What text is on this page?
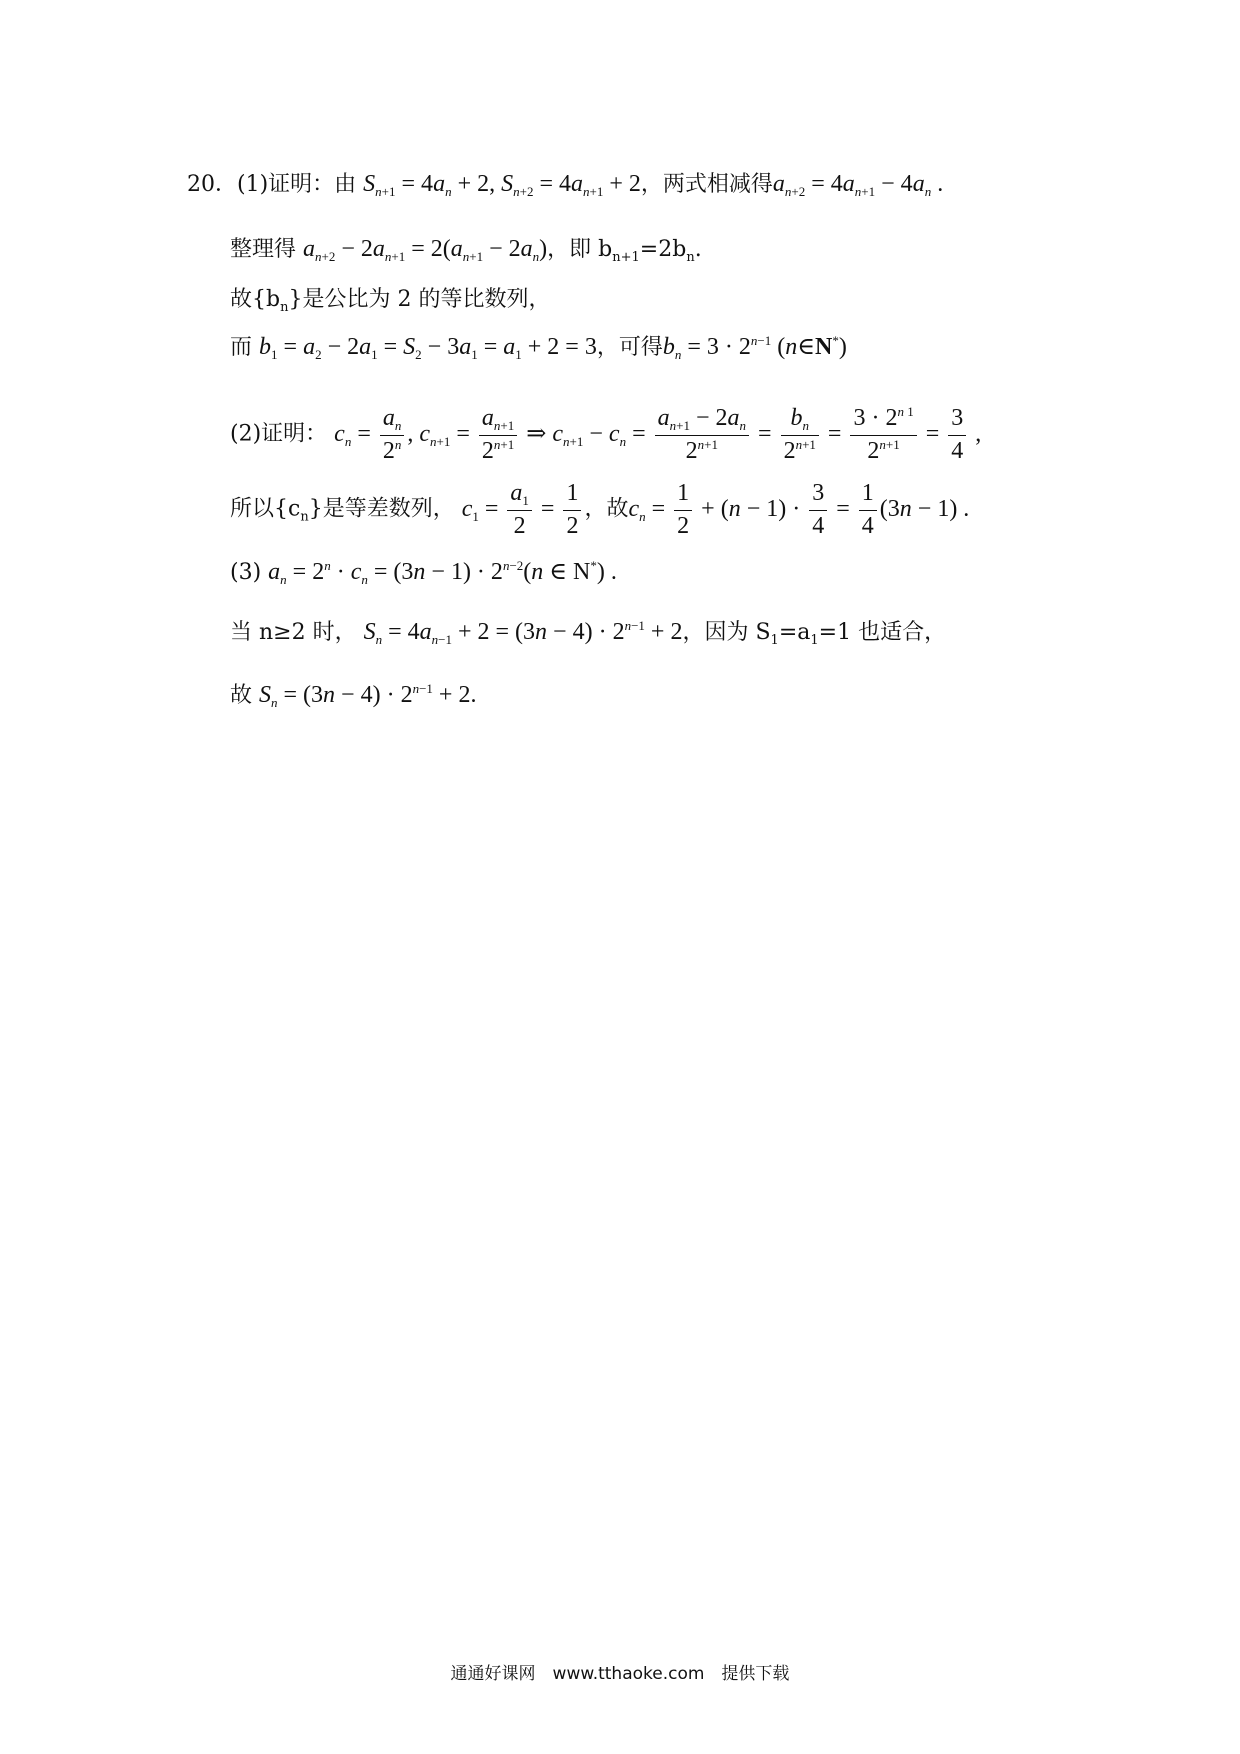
20．(1)证明：由 $S_{n+1} = 4a_n + 2$, $S_{n+2} = 4a_{n+1} + 2$，两式相减得$a_{n+2} = 4a_{n+1} - 4a_n$ .
整理得 $a_{n+2} - 2a_{n+1} = 2(a_{n+1} - 2a_n)$，即 $b_{n+1}=2b_n$.
故$\{b_n\}$是公比为 2 的等比数列，
而 $b_1 = a_2 - 2a_1 = S_2 - 3a_1 = a_1 + 2 = 3$，可得$b_n = 3 \cdot 2^{n-1}$ (n∈N*)
(2)证明： $c_n = \frac{a_n}{2^n}$ , $c_{n+1} = \frac{a_{n+1}}{2^{n+1}}$ ⇒ $c_{n+1} - c_n = \frac{a_{n+1} - 2a_n}{2^{n+1}} = \frac{b_n}{2^{n+1}} = \frac{3 \cdot 2^{n 1}}{2^{n+1}} = \frac{3}{4}$ ,
所以$\{c_n\}$是等差数列， $c_1 = \frac{a_1}{2} = \frac{1}{2}$ ，故$c_n = \frac{1}{2} + (n - 1) \cdot \frac{3}{4} = \frac{1}{4} (3n - 1)$ .
(3) $a_n = 2^n \cdot c_n = (3n - 1) \cdot 2^{n-2}(n$ ∈ N*) .
当 n≥2 时， $S_n = 4a_{n-1} + 2 = (3n - 4) \cdot 2^{n-1} + 2$，因为 $S_1=a_1=1$ 也适合，
故 $S_n = (3n - 4) \cdot 2^{n-1} + 2$.
通通好课网　www.tthaoke.com　提供下载
